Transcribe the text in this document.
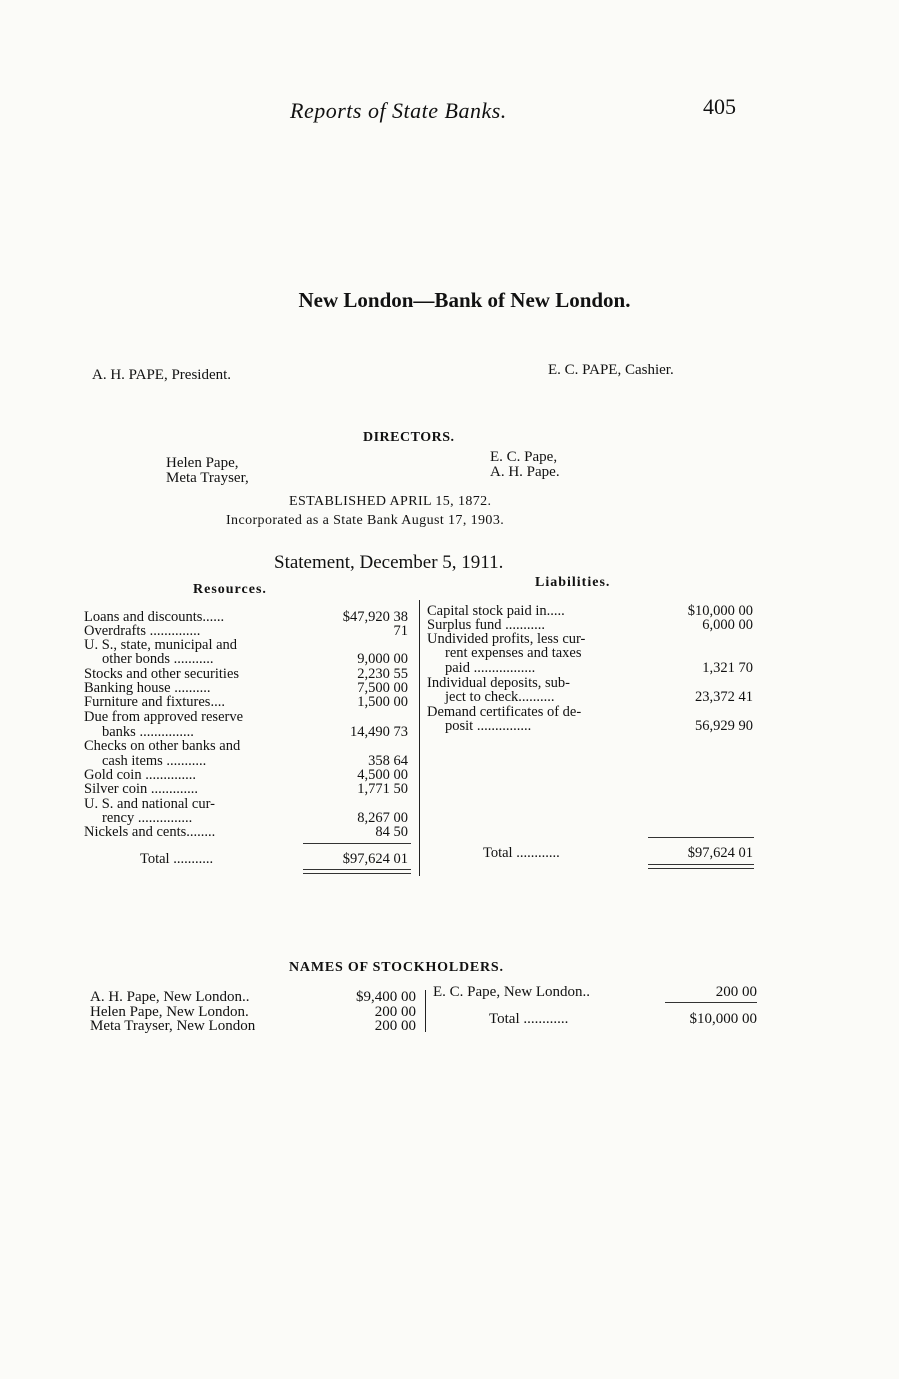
Reports of State Banks.	405
New London—Bank of New London.
A. H. PAPE, President.	E. C. PAPE, Cashier.
DIRECTORS.
Helen Pape,
Meta Trayser,
E. C. Pape,
A. H. Pape.
ESTABLISHED APRIL 15, 1872.
Incorporated as a State Bank August 17, 1903.
Statement, December 5, 1911.
Resources.	Liabilities.
Loans and discounts......	$47,920 38
Overdrafts ..............	71
U. S., state, municipal and
other bonds ...........	9,000 00
Stocks and other securities	2,230 55
Banking house ..........	7,500 00
Furniture and fixtures....	1,500 00
Due from approved reserve
banks ...............	14,490 73
Checks on other banks and
cash items ...........	358 64
Gold coin ..............	4,500 00
Silver coin .............	1,771 50
U. S. and national cur-
rency ...............	8,267 00
Nickels and cents........	84 50
Total ...........	$97,624 01
Capital stock paid in.....	$10,000 00
Surplus fund ...........	6,000 00
Undivided profits, less cur-
rent expenses and taxes
paid .................	1,321 70
Individual deposits, sub-
ject to check..........	23,372 41
Demand certificates of de-
posit ...............	56,929 90
Total ............	$97,624 01
NAMES OF STOCKHOLDERS.
A. H. Pape, New London..	$9,400 00
Helen Pape, New London.	200 00
Meta Trayser, New London	200 00
E. C. Pape, New London..	200 00
Total ............	$10,000 00
